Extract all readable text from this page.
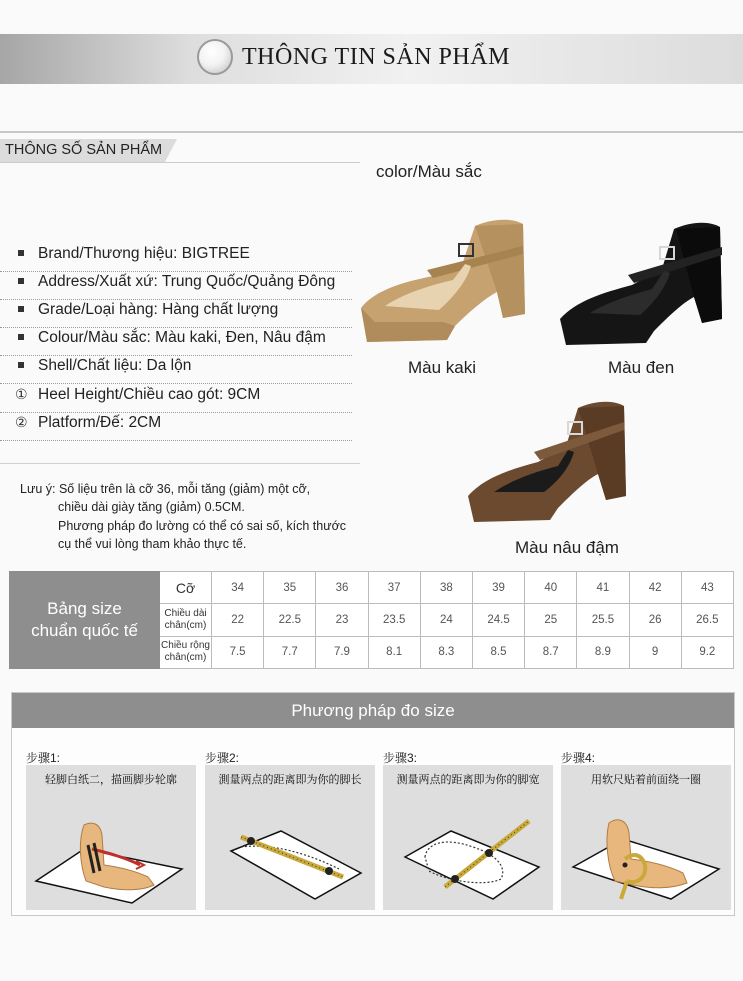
THÔNG TIN SẢN PHẨM
THÔNG SỐ SẢN PHẨM
Brand/Thương hiệu: BIGTREE
Address/Xuất xứ: Trung Quốc/Quảng Đông
Grade/Loại hàng: Hàng chất lượng
Colour/Màu sắc: Màu kaki, Đen, Nâu đậm
Shell/Chất liệu: Da lộn
① Heel Height/Chiều cao gót: 9CM
② Platform/Đế: 2CM
Lưu ý: Số liệu trên là cỡ 36, mỗi tăng (giảm) một cỡ,
chiều dài giày tăng (giảm) 0.5CM.
Phương pháp đo lường có thể có sai số, kích thước
cụ thể vui lòng tham khảo thực tế.
color/Màu sắc
Màu kaki	Màu đen
Màu nâu đậm
Bảng size
chuẩn quốc tế	Cỡ	34	35	36	37	38	39	40	41	42	43
	Chiều dài chân(cm)	22	22.5	23	23.5	24	24.5	25	25.5	26	26.5
	Chiều rộng chân(cm)	7.5	7.7	7.9	8.1	8.3	8.5	8.7	8.9	9	9.2
Phương pháp đo size
步骤1:
轻脚白纸二，描画脚步轮廓
步骤2:
測量两点的距离即为你的脚长
步骤3:
测量两点的距离即为你的脚宽
步骤4:
用软尺贴着前面绕一圈
